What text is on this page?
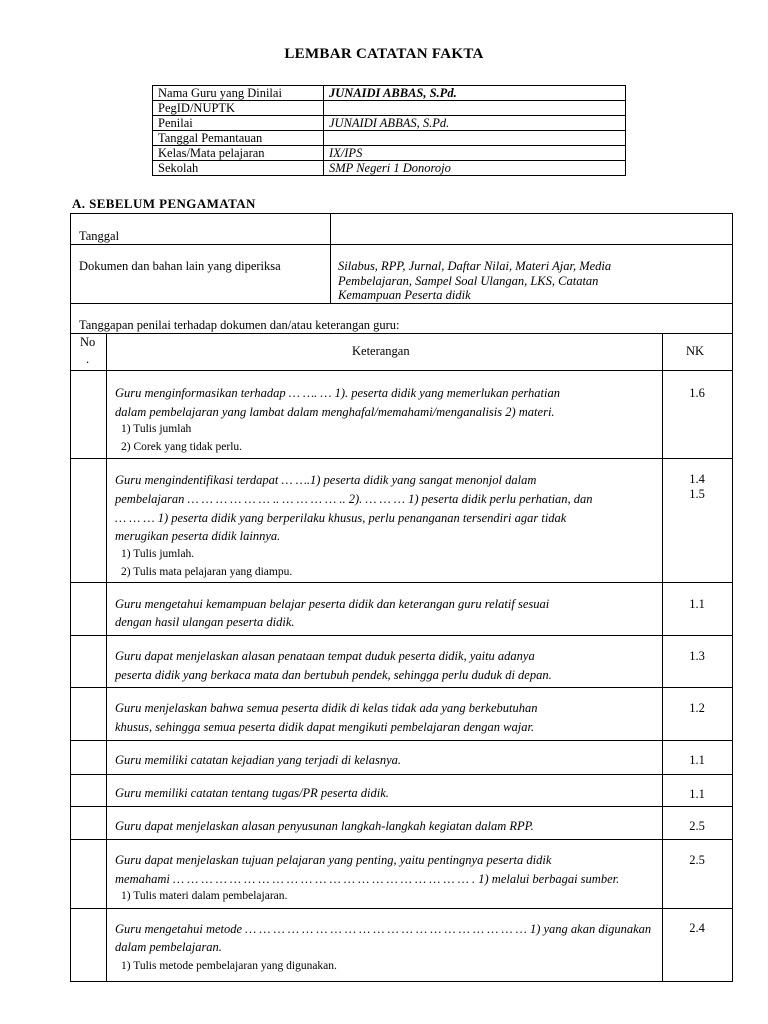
LEMBAR CATATAN FAKTA
Nama Guru yang Dinilai	JUNAIDI ABBAS, S.Pd.
PegID/NUPTK	
Penilai	JUNAIDI ABBAS, S.Pd.
Tanggal Pemantauan	
Kelas/Mata pelajaran	IX/IPS
Sekolah	SMP Negeri 1 Donorojo
A. SEBELUM PENGAMATAN
Tanggal
Dokumen dan bahan lain yang diperiksa	Silabus, RPP, Jurnal, Daftar Nilai, Materi Ajar, Media
Pembelajaran, Sampel Soal Ulangan, LKS, Catatan
Kemampuan Peserta didik
Tanggapan penilai terhadap dokumen dan/atau keterangan guru:
No
.
Keterangan	NK
Guru menginformasikan terhadap … …. … 1). peserta didik yang memerlukan perhatian
dalam pembelajaran yang lambat dalam menghafal/memahami/menganalisis 2) materi.
1) Tulis jumlah
2) Corek yang tidak perlu.
1.6
Guru mengindentifikasi terdapat … ….1) peserta didik yang sangat menonjol dalam
pembelajaran … … … … … … .. … … … … .. 2). … … … 1) peserta didik perlu perhatian, dan
… … … 1) peserta didik yang berperilaku khusus, perlu penanganan tersendiri agar tidak
merugikan peserta didik lainnya.
1) Tulis jumlah.
2) Tulis mata pelajaran yang diampu.
1.4
1.5
Guru mengetahui kemampuan belajar peserta didik dan keterangan guru relatif sesuai
dengan hasil ulangan peserta didik.
1.1
Guru dapat menjelaskan alasan penataan tempat duduk peserta didik, yaitu adanya
peserta didik yang berkaca mata dan bertubuh pendek, sehingga perlu duduk di depan.
1.3
Guru menjelaskan bahwa semua peserta didik di kelas tidak ada yang berkebutuhan
khusus, sehingga semua peserta didik dapat mengikuti pembelajaran dengan wajar.
1.2
Guru memiliki catatan kejadian yang terjadi di kelasnya.	1.1
Guru memiliki catatan tentang tugas/PR peserta didik.	1.1
Guru dapat menjelaskan alasan penyusunan langkah-langkah kegiatan dalam RPP.	2.5
Guru dapat menjelaskan tujuan pelajaran yang penting, yaitu pentingnya peserta didik
memahami … … … … … … … … … … … … … … … … … … … … … . 1) melalui berbagai sumber.
1) Tulis materi dalam pembelajaran.
2.5
Guru mengetahui metode … … … … … … … … … … … … … … … … … … … … 1) yang akan digunakan
dalam pembelajaran.
1) Tulis metode pembelajaran yang digunakan.
2.4
